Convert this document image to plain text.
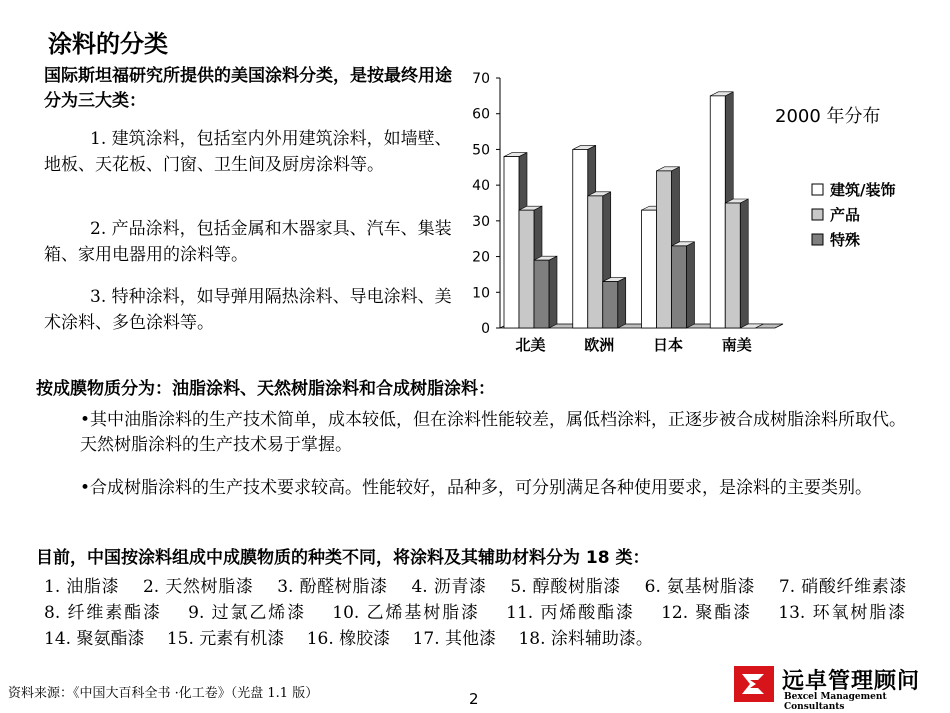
涂料的分类
国际斯坦福研究所提供的美国涂料分类，是按最终用途分为三大类：
1. 建筑涂料，包括室内外用建筑涂料，如墙壁、地板、天花板、门窗、卫生间及厨房涂料等。
2. 产品涂料，包括金属和木器家具、汽车、集装箱、家用电器用的涂料等。
3. 特种涂料，如导弹用隔热涂料、导电涂料、美术涂料、多色涂料等。	0
10
20
30
40
50
60
70
北美	欧洲	日本	南美
2000 年分布
建筑/装饰
产品
特殊
按成膜物质分为：油脂涂料、天然树脂涂料和合成树脂涂料：
•其中油脂涂料的生产技术简单，成本较低，但在涂料性能较差，属低档涂料，正逐步被合成树脂涂料所取代。天然树脂涂料的生产技术易于掌握。
•合成树脂涂料的生产技术要求较高。性能较好，品种多，可分别满足各种使用要求，是涂料的主要类别。
目前，中国按涂料组成中成膜物质的种类不同，将涂料及其辅助材料分为 18 类：
1. 油脂漆　 2. 天然树脂漆　 3. 酚醛树脂漆　 4. 沥青漆　 5. 醇酸树脂漆　 6. 氨基树脂漆　 7. 硝酸纤维素漆　 8. 纤维素酯漆　 9. 过氯乙烯漆　 10. 乙烯基树脂漆　 11. 丙烯酸酯漆　 12. 聚酯漆　 13. 环氧树脂漆　 14. 聚氨酯漆　 15. 元素有机漆　 16. 橡胶漆　 17. 其他漆　 18. 涂料辅助漆。
资料来源：《中国大百科全书 ·化工卷》（光盘 1.1 版）	2
远卓管理顾问
Bexcel Management Consultants
